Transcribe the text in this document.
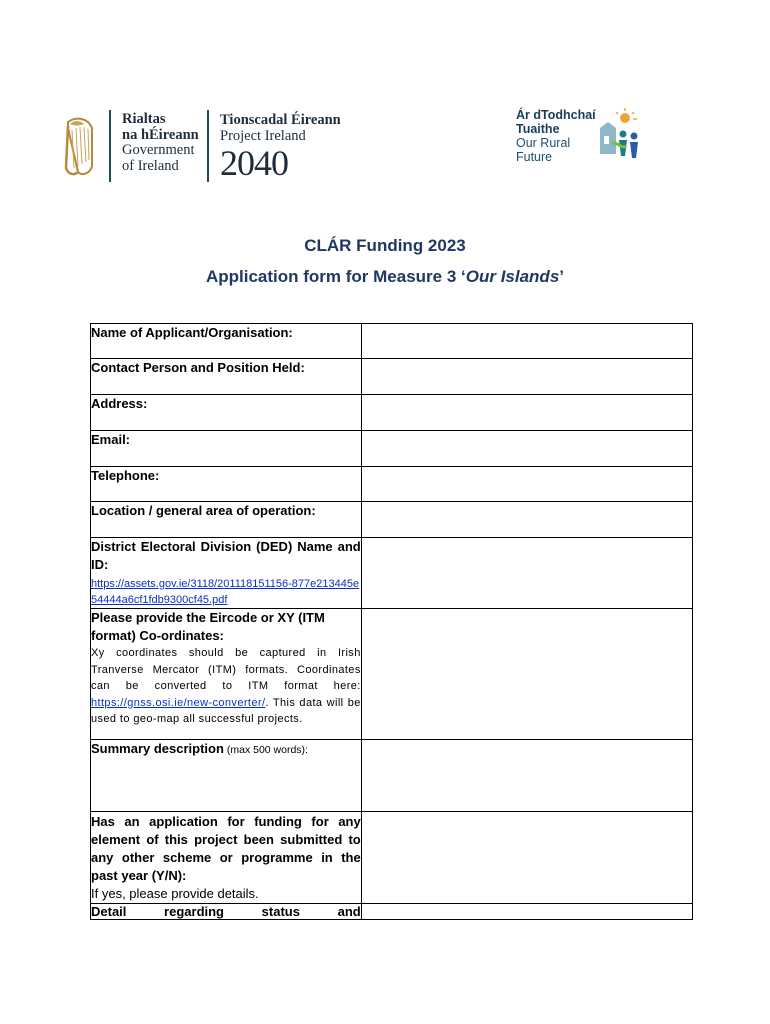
Rialtas
na hÉireann
Government
of Ireland
Tionscadal Éireann
Project Ireland
2040
Ár dTodhchaí
Tuaithe
Our Rural
Future
CLÁR Funding 2023
Application form for Measure 3 ‘Our Islands’
Name of Applicant/Organisation:	
Contact Person and Position Held:	
Address:	
Email:	
Telephone:	
Location / general area of operation:	

District Electoral Division (DED) Name and ID:
https://assets.gov.ie/3118/201118151156-877e213445e54444a6cf1fdb9300cf45.pdf	

Please provide the Eircode or XY (ITM format) Co-ordinates:
Xy coordinates should be captured in Irish Tranverse Mercator (ITM) formats. Coordinates can be converted to ITM format here: https://gnss.osi.ie/new-converter/. This data will be used to geo-map all successful projects.	

Summary description (max 500 words):	

Has an application for funding for any element of this project been submitted to any other scheme or programme in the past year (Y/N):
If yes, please provide details.	

Detail regarding status and	
